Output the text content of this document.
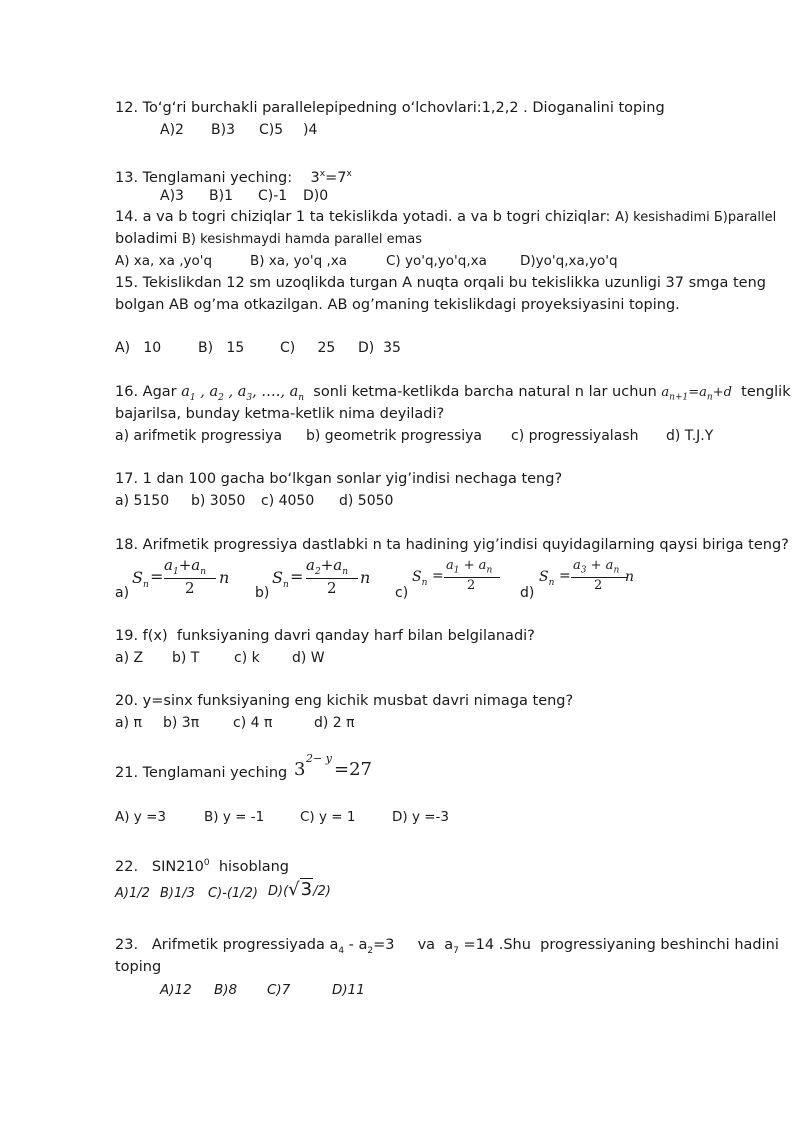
12. To‘g‘ri burchakli parallelepipedning o‘lchovlari:1,2,2 . Dioganalini toping
A)2 B)3 C)5 )4
13. Tenglamani yeching: $3^x=7^x$
A)3 B)1 C)-1 D)0
14. a va b togri chiziqlar 1 ta tekislikda yotadi. a va b togri chiziqlar: A) kesishadimi Б)parallel
boladimi B) kesishmaydi hamda parallel emas
A) xa, xa ,yo'q	B) xa, yo'q ,xa	C) yo'q,yo'q,xa D)yo'q,xa,yo'q
15. Tekislikdan 12 sm uzoqlikda turgan A nuqta orqali bu tekislikka uzunligi 37 smga teng
bolgan AB og’ma otkazilgan. AB og’maning tekislikdagi proyeksiyasini toping.
A)   10	B)   15	C)     25 D)  35
16. Agar $a_1$ , $a_2$ , $a_3$, …., $a_n$  sonli ketma-ketlikda barcha natural n lar uchun $a_{n+1}=a_n+d$  tenglik
bajarilsa, bunday ketma-ketlik nima deyiladi?
a) arifmetik progressiya b) geometrik progressiya c) progressiyalash d) T.J.Y
17. 1 dan 100 gacha bo‘lkgan sonlar yig’indisi nechaga teng?
a) 5150 b) 3050 c) 4050 d) 5050
18. Arifmetik progressiya dastlabki n ta hadining yig’indisi quyidagilarning qaysi biriga teng?
a)
$S_n$ =
$a_1+a_n$
2
n
b)
$S_n$ =
$a_2+a_n$
2
n
c)
$S_n$ =
$a_1 + a_n$
2	d)
$S_n$ =
$a_3 + a_n$
2
n
19. f(x)  funksiyaning davri qanday harf bilan belgilanadi?
a) Z b) T c) k d) W
20. y=sinx funksiyaning eng kichik musbat davri nimaga teng?
a) π b) 3π c) 4 π	d) 2 π
21. Tenglamani yeching 3
2− y
=27
A) y =3	B) y = -1	C) y = 1	D) y =-3
22.   $SIN210^0$  hisoblang
A)1/2 B)1/3 C)-(1/2) D)(√3/2)
23.   Arifmetik progressiyada $a_4 - a_2=3$     va  $a_7 =14$ .Shu  progressiyaning beshinchi hadini
toping
A)12 B)8 C)7	D)11
